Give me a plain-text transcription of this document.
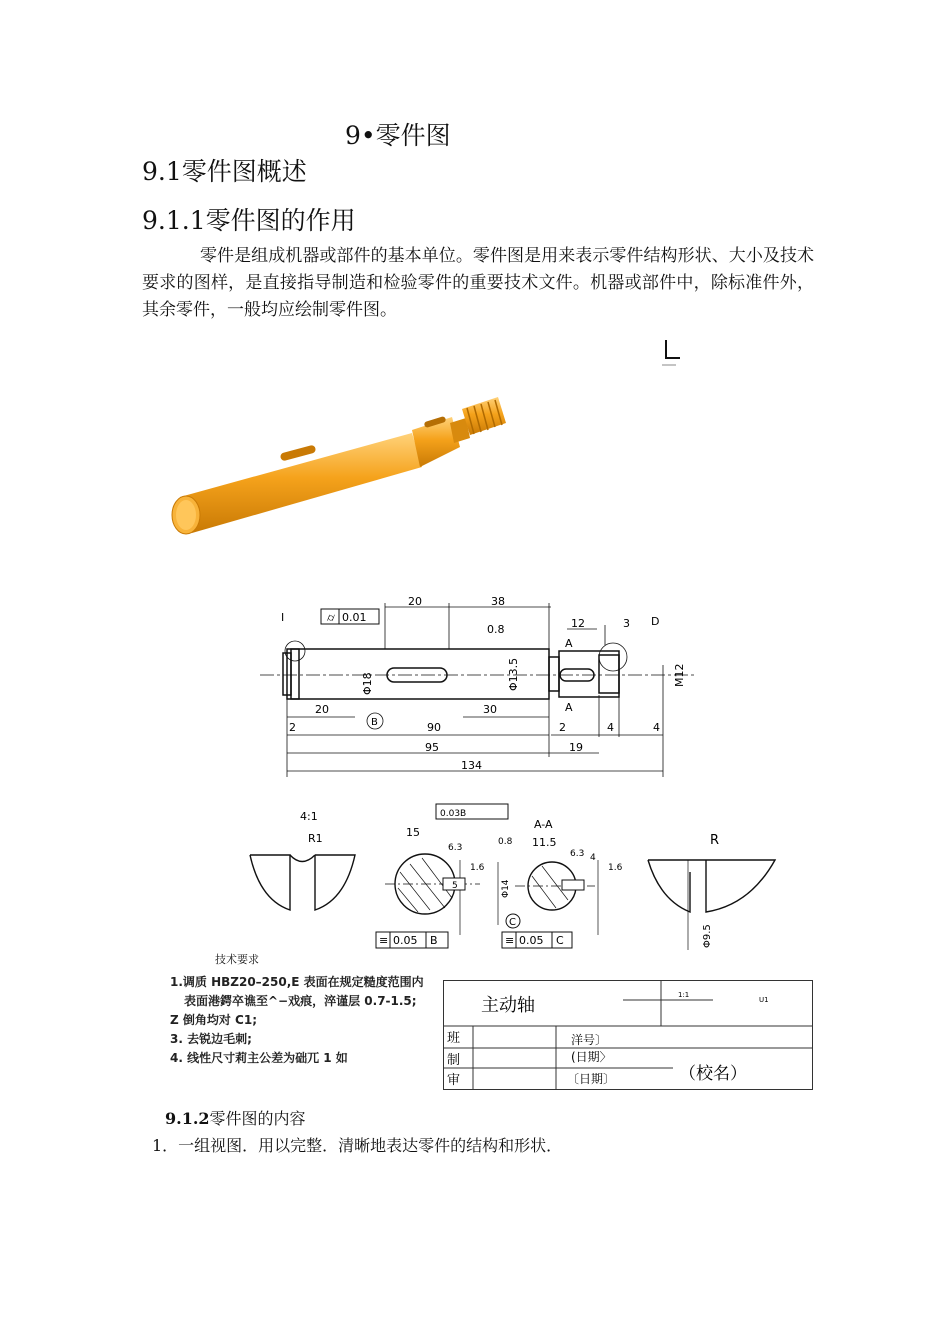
9•零件图
9.1零件图概述
9.1.1零件图的作用
零件是组成机器或部件的基本单位。零件图是用来表示零件结构形状、大小及技术要求的图样，是直接指导制造和检验零件的重要技术文件。机器或部件中，除标准件外，其余零件，一般均应绘制零件图。
⌭ 0.01
20	38
0.8	12	3 D
A
A
Φ18	Φ13.5	M12
B
20	30
2	90	2	4	4
95	19
134
I
4:1
R1
0.03B
15
6.3
5
1.6
0.8
A-A
11.5
6.3 4
1.6
Φ14
C
R
Φ9.5
≡ 0.05 B	≡ 0.05 C
技术要求
1.调质 HBZ20–250,E 表面在规定糙度范围内
表面港鍔卒谯至^−戏痕，淬谨层 0.7-1.5;
Z 倒角均对 C1;
3. 去锐边毛刺;
4. 线性尺寸莉主公差为础兀 1 如
主动轴	1:1
U1
班	洋号〕
制	(日期〉
审	〔日期〕	（校名）
9.1.2零件图的内容
1．一组视图．用以完整．清晰地表达零件的结构和形状．
